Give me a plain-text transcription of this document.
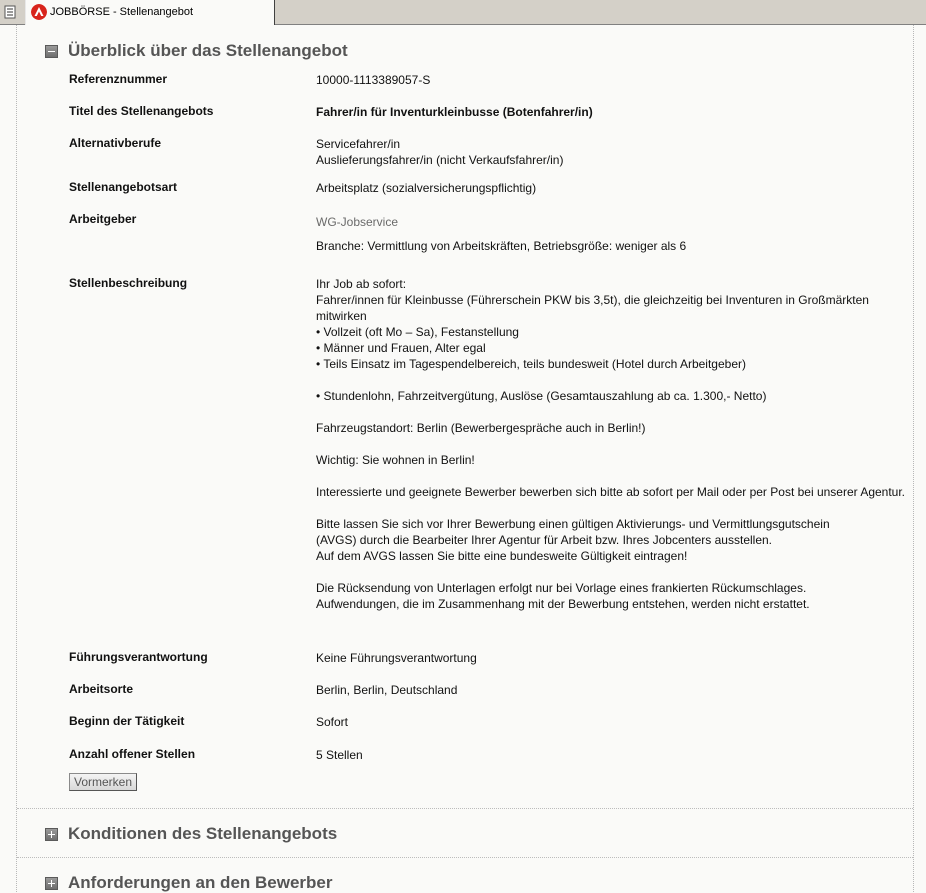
JOBBÖRSE - Stellenangebot
Überblick über das Stellenangebot
Referenznummer	10000-1113389057-S
Titel des Stellenangebots	Fahrer/in für Inventurkleinbusse (Botenfahrer/in)
Alternativberufe	Servicefahrer/in

Auslieferungsfahrer/in (nicht Verkaufsfahrer/in)

Stellenangebotsart	Arbeitsplatz (sozialversicherungspflichtig)
Arbeitgeber	WG-Jobservice

Branche: Vermittlung von Arbeitskräften, Betriebsgröße: weniger als 6

Stellenbeschreibung	Ihr Job ab sofort:

Fahrer/innen für Kleinbusse (Führerschein PKW bis 3,5t), die gleichzeitig bei Inventuren in Großmärkten mitwirken

• Vollzeit (oft Mo – Sa), Festanstellung

• Männer und Frauen, Alter egal

• Teils Einsatz im Tagespendelbereich, teils bundesweit (Hotel durch Arbeitgeber)

• Stundenlohn, Fahrzeitvergütung, Auslöse (Gesamtauszahlung ab ca. 1.300,- Netto)

Fahrzeugstandort: Berlin (Bewerbergespräche auch in Berlin!)

Wichtig: Sie wohnen in Berlin!

Interessierte und geeignete Bewerber bewerben sich bitte ab sofort per Mail oder per Post bei unserer Agentur.

Bitte lassen Sie sich vor Ihrer Bewerbung einen gültigen Aktivierungs- und Vermittlungsgutschein

(AVGS) durch die Bearbeiter Ihrer Agentur für Arbeit bzw. Ihres Jobcenters ausstellen.

Auf dem AVGS lassen Sie bitte eine bundesweite Gültigkeit eintragen!

Die Rücksendung von Unterlagen erfolgt nur bei Vorlage eines frankierten Rückumschlages.

Aufwendungen, die im Zusammenhang mit der Bewerbung entstehen, werden nicht erstattet.

Führungsverantwortung	Keine Führungsverantwortung
Arbeitsorte	Berlin, Berlin, Deutschland
Beginn der Tätigkeit	Sofort
Anzahl offener Stellen	5 Stellen
Vormerken
Konditionen des Stellenangebots
Anforderungen an den Bewerber
